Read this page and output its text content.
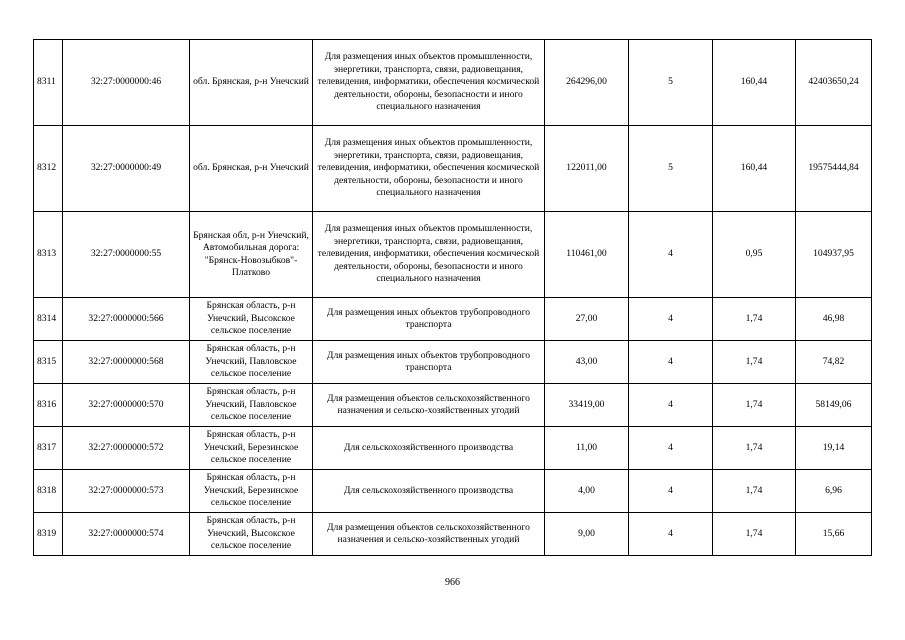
8311	32:27:0000000:46	обл. Брянская, р-н Унечский	Для размещения иных объектов промышленности, энергетики, транспорта, связи, радиовещания, телевидения, информатики, обеспечения космической деятельности, обороны, безопасности и иного специального назначения	264296,00	5	160,44	42403650,24
8312	32:27:0000000:49	обл. Брянская, р-н Унечский	Для размещения иных объектов промышленности, энергетики, транспорта, связи, радиовещания, телевидения, информатики, обеспечения космической деятельности, обороны, безопасности и иного специального назначения	122011,00	5	160,44	19575444,84
8313	32:27:0000000:55	Брянская обл, р-н Унечский, Автомобильная дорога: "Брянск-Новозыбков"-Платково	Для размещения иных объектов промышленности, энергетики, транспорта, связи, радиовещания, телевидения, информатики, обеспечения космической деятельности, обороны, безопасности и иного специального назначения	110461,00	4	0,95	104937,95
8314	32:27:0000000:566	Брянская область, р-н Унечский, Высокское сельское поселение	Для размещения иных объектов трубопроводного транспорта	27,00	4	1,74	46,98
8315	32:27:0000000:568	Брянская область, р-н Унечский, Павловское сельское поселение	Для размещения иных объектов трубопроводного транспорта	43,00	4	1,74	74,82
8316	32:27:0000000:570	Брянская область, р-н Унечский, Павловское сельское поселение	Для размещения объектов сельскохозяйственного назначения и сельско-хозяйственных угодий	33419,00	4	1,74	58149,06
8317	32:27:0000000:572	Брянская область, р-н Унечский, Березинское сельское поселение	Для сельскохозяйственного производства	11,00	4	1,74	19,14
8318	32:27:0000000:573	Брянская область, р-н Унечский, Березинское сельское поселение	Для сельскохозяйственного производства	4,00	4	1,74	6,96
8319	32:27:0000000:574	Брянская область, р-н Унечский, Высокское сельское поселение	Для размещения объектов сельскохозяйственного назначения и сельско-хозяйственных угодий	9,00	4	1,74	15,66
966
